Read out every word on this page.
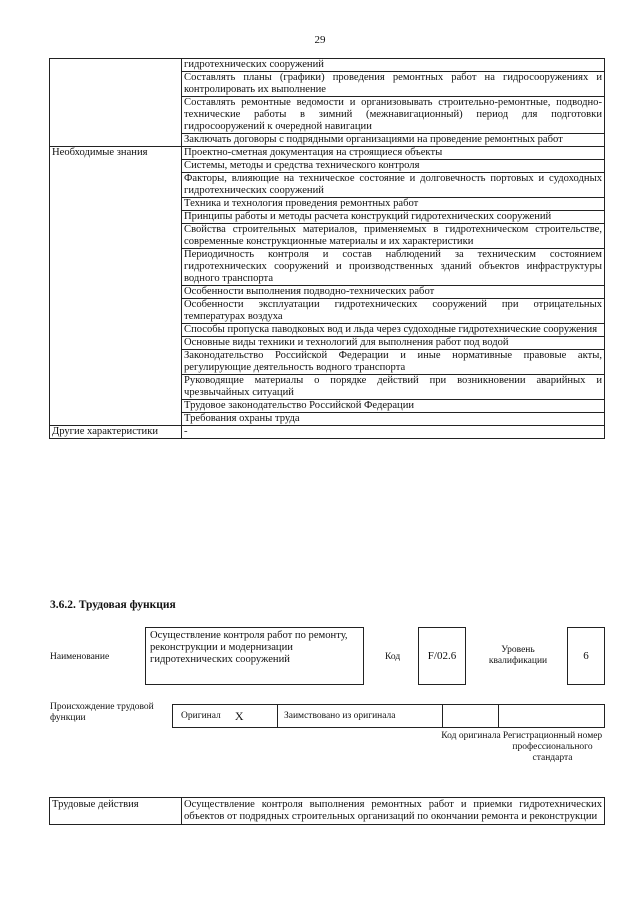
29
	гидротехнических сооружений
	Составлять планы (графики) проведения ремонтных работ на гидросооружениях и контролировать их выполнение
	Составлять ремонтные ведомости и организовывать строительно-ремонтные, подводно-технические работы в зимний (межнавигационный) период для подготовки гидросооружений к очередной навигации
	Заключать договоры с подрядными организациями на проведение ремонтных работ
Необходимые знания	Проектно-сметная документация на строящиеся объекты
	Системы, методы и средства технического контроля
	Факторы, влияющие на техническое состояние и долговечность портовых и судоходных гидротехнических сооружений
	Техника и технология проведения ремонтных работ
	Принципы работы и методы расчета конструкций гидротехнических сооружений
	Свойства строительных материалов, применяемых в гидротехническом строительстве, современные конструкционные материалы и их характеристики
	Периодичность контроля и состав наблюдений за техническим состоянием гидротехнических сооружений и производственных зданий объектов инфраструктуры водного транспорта
	Особенности выполнения подводно-технических работ
	Особенности эксплуатации гидротехнических сооружений при отрицательных температурах воздуха
	Способы пропуска паводковых вод и льда через судоходные гидротехнические сооружения
	Основные виды техники и технологий для выполнения работ под водой
	Законодательство Российской Федерации и иные нормативные правовые акты, регулирующие деятельность водного транспорта
	Руководящие материалы о порядке действий при возникновении аварийных и чрезвычайных ситуаций
	Трудовое законодательство Российской Федерации
	Требования охраны труда
Другие характеристики	-
3.6.2. Трудовая функция
Наименование
Осуществление контроля работ по ремонту, реконструкции и модернизации гидротехнических сооружений	Код	F/02.6	Уровень квалификации	6
Происхождение трудовой функции	Оригинал X	Заимствовано из оригинала
Код оригинала Регистрационный номер профессионального стандарта
Трудовые действия	Осуществление контроля выполнения ремонтных работ и приемки гидротехнических объектов от подрядных строительных организаций по окончании ремонта и реконструкции
